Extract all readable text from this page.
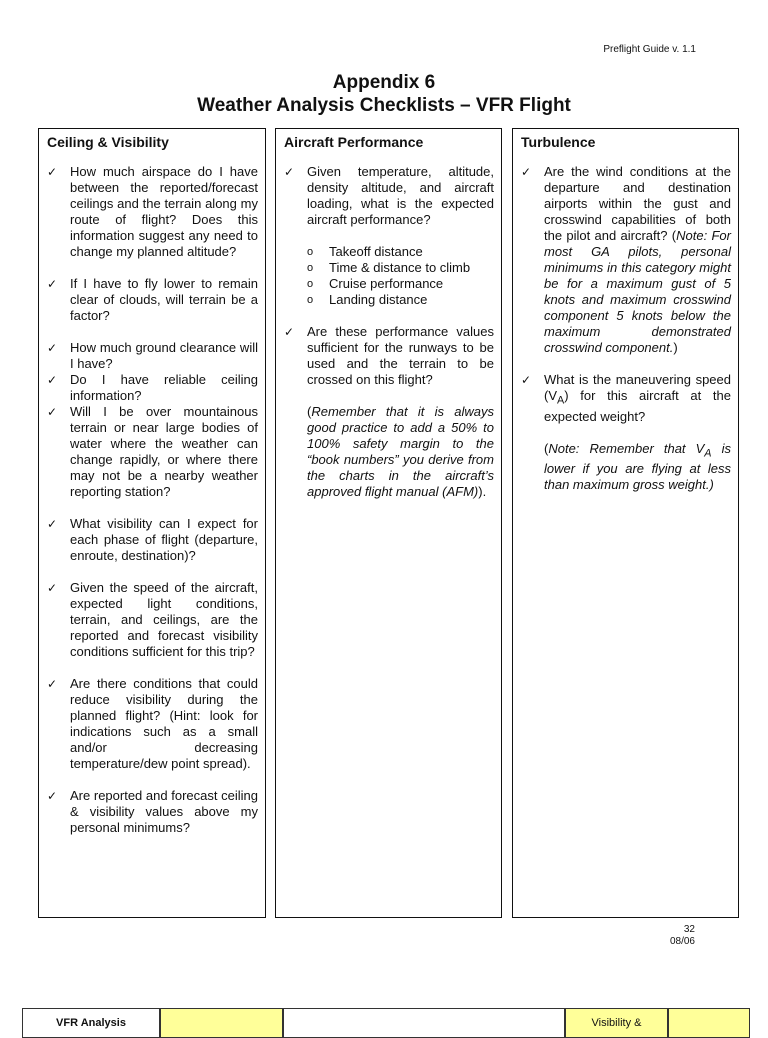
Preflight Guide v. 1.1
Appendix 6
Weather Analysis Checklists – VFR Flight
Ceiling & Visibility
✓ How much airspace do I have between the reported/forecast ceilings and the terrain along my route of flight? Does this information suggest any need to change my planned altitude?
✓ If I have to fly lower to remain clear of clouds, will terrain be a factor?
✓ How much ground clearance will I have?
✓ Do I have reliable ceiling information?
✓ Will I be over mountainous terrain or near large bodies of water where the weather can change rapidly, or where there may not be a nearby weather reporting station?
✓ What visibility can I expect for each phase of flight (departure, enroute, destination)?
✓ Given the speed of the aircraft, expected light conditions, terrain, and ceilings, are the reported and forecast visibility conditions sufficient for this trip?
✓ Are there conditions that could reduce visibility during the planned flight? (Hint: look for indications such as a small and/or decreasing temperature/dew point spread).
✓ Are reported and forecast ceiling & visibility values above my personal minimums?
Aircraft Performance
✓ Given temperature, altitude, density altitude, and aircraft loading, what is the expected aircraft performance?
o	Takeoff distance
o	Time & distance to climb
o	Cruise performance
o	Landing distance
✓ Are these performance values sufficient for the runways to be used and the terrain to be crossed on this flight?
(Remember that it is always good practice to add a 50% to 100% safety margin to the “book numbers” you derive from the charts in the aircraft’s approved flight manual (AFM)).
Turbulence
✓ Are the wind conditions at the departure and destination airports within the gust and crosswind capabilities of both the pilot and aircraft? (Note: For most GA pilots, personal minimums in this category might be for a maximum gust of 5 knots and maximum crosswind component 5 knots below the maximum demonstrated crosswind component.)
✓ What is the maneuvering speed $(V_A)$ for this aircraft at the expected weight?
(Note: Remember that $V_A$ is lower if you are flying at less than maximum gross weight.)
32
08/06
VFR Analysis	Visibility &
